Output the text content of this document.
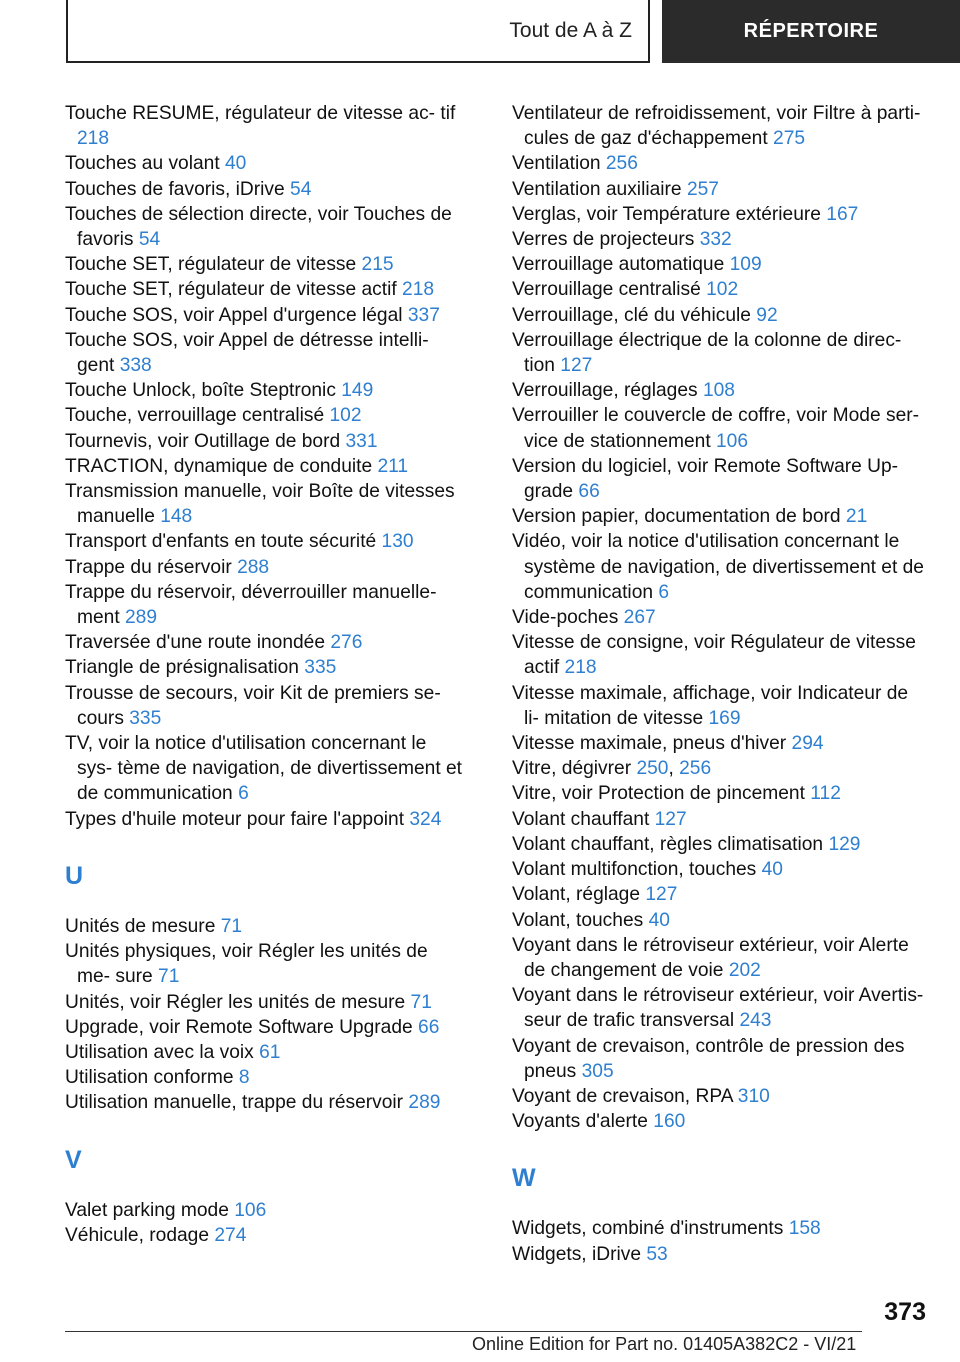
Tout de A à Z	RÉPERTOIRE
Touche RESUME, régulateur de vitesse ac‐ tif 218
Touches au volant 40
Touches de favoris, iDrive 54
Touches de sélection directe, voir Touches de favoris 54
Touche SET, régulateur de vitesse 215
Touche SET, régulateur de vitesse actif 218
Touche SOS, voir Appel d'urgence légal 337
Touche SOS, voir Appel de détresse intelli‐ gent 338
Touche Unlock, boîte Steptronic 149
Touche, verrouillage centralisé 102
Tournevis, voir Outillage de bord 331
TRACTION, dynamique de conduite 211
Transmission manuelle, voir Boîte de vitesses manuelle 148
Transport d'enfants en toute sécurité 130
Trappe du réservoir 288
Trappe du réservoir, déverrouiller manuelle‐ ment 289
Traversée d'une route inondée 276
Triangle de présignalisation 335
Trousse de secours, voir Kit de premiers se‐ cours 335
TV, voir la notice d'utilisation concernant le sys‐ tème de navigation, de divertissement et de communication 6
Types d'huile moteur pour faire l'appoint 324
U
Unités de mesure 71
Unités physiques, voir Régler les unités de me‐ sure 71
Unités, voir Régler les unités de mesure 71
Upgrade, voir Remote Software Upgrade 66
Utilisation avec la voix 61
Utilisation conforme 8
Utilisation manuelle, trappe du réservoir 289
V
Valet parking mode 106
Véhicule, rodage 274
Ventilateur de refroidissement, voir Filtre à parti‐ cules de gaz d'échappement 275
Ventilation 256
Ventilation auxiliaire 257
Verglas, voir Température extérieure 167
Verres de projecteurs 332
Verrouillage automatique 109
Verrouillage centralisé 102
Verrouillage, clé du véhicule 92
Verrouillage électrique de la colonne de direc‐ tion 127
Verrouillage, réglages 108
Verrouiller le couvercle de coffre, voir Mode ser‐ vice de stationnement 106
Version du logiciel, voir Remote Software Up‐ grade 66
Version papier, documentation de bord 21
Vidéo, voir la notice d'utilisation concernant le système de navigation, de divertissement et de communication 6
Vide-poches 267
Vitesse de consigne, voir Régulateur de vitesse actif 218
Vitesse maximale, affichage, voir Indicateur de li‐ mitation de vitesse 169
Vitesse maximale, pneus d'hiver 294
Vitre, dégivrer 250, 256
Vitre, voir Protection de pincement 112
Volant chauffant 127
Volant chauffant, règles climatisation 129
Volant multifonction, touches 40
Volant, réglage 127
Volant, touches 40
Voyant dans le rétroviseur extérieur, voir Alerte de changement de voie 202
Voyant dans le rétroviseur extérieur, voir Avertis‐ seur de trafic transversal 243
Voyant de crevaison, contrôle de pression des pneus 305
Voyant de crevaison, RPA 310
Voyants d'alerte 160
W
Widgets, combiné d'instruments 158
Widgets, iDrive 53
373
Online Edition for Part no. 01405A382C2 - VI/21
